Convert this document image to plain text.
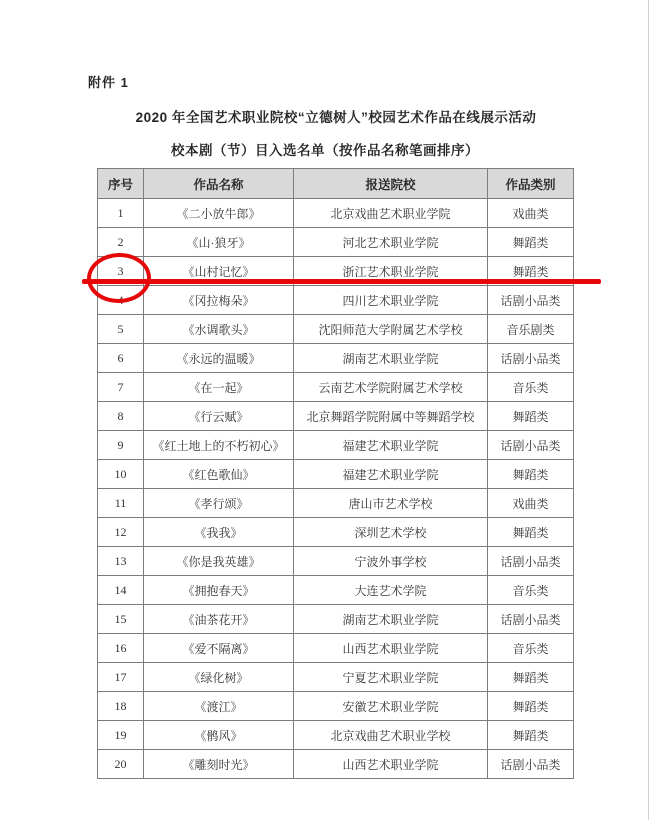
附件 1
2020 年全国艺术职业院校“立德树人”校园艺术作品在线展示活动
校本剧（节）目入选名单（按作品名称笔画排序）
序号	作品名称	报送院校	作品类别
1	《二小放牛郎》	北京戏曲艺术职业学院	戏曲类
2	《山·狼牙》	河北艺术职业学院	舞蹈类
3	《山村记忆》	浙江艺术职业学院	舞蹈类
4	《冈拉梅朵》	四川艺术职业学院	话剧小品类
5	《水调歌头》	沈阳师范大学附属艺术学校	音乐剧类
6	《永远的温暖》	湖南艺术职业学院	话剧小品类
7	《在一起》	云南艺术学院附属艺术学校	音乐类
8	《行云赋》	北京舞蹈学院附属中等舞蹈学校	舞蹈类
9	《红土地上的不朽初心》	福建艺术职业学院	话剧小品类
10	《红色歌仙》	福建艺术职业学院	舞蹈类
11	《孝行颂》	唐山市艺术学校	戏曲类
12	《我我》	深圳艺术学校	舞蹈类
13	《你是我英雄》	宁波外事学校	话剧小品类
14	《拥抱春天》	大连艺术学院	音乐类
15	《油茶花开》	湖南艺术职业学院	话剧小品类
16	《爱不隔离》	山西艺术职业学院	音乐类
17	《绿化树》	宁夏艺术职业学院	舞蹈类
18	《渡江》	安徽艺术职业学院	舞蹈类
19	《鹘风》	北京戏曲艺术职业学校	舞蹈类
20	《雕刻时光》	山西艺术职业学院	话剧小品类
